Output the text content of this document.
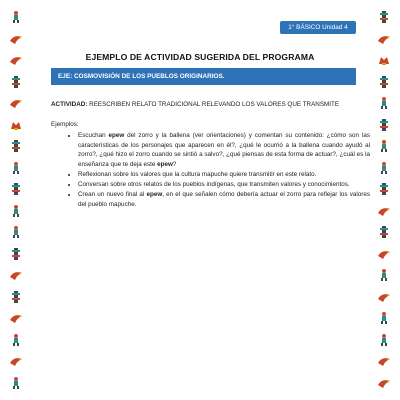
1° BÁSICO Unidad 4
EJEMPLO DE ACTIVIDAD SUGERIDA DEL PROGRAMA
EJE: COSMOVISIÓN DE LOS PUEBLOS ORIGINARIOS.
ACTIVIDAD: REESCRIBEN RELATO TRADICIONAL RELEVANDO LOS VALORES QUE TRANSMITE
Ejemplos:
• Escuchan epew del zorro y la ballena (ver orientaciones) y comentan su contenido: ¿cómo son las características de los personajes que aparecen en él?, ¿qué le ocurrió a la ballena cuando ayudó al zorro?, ¿qué hizo el zorro cuando se sintió a salvo?, ¿qué piensas de esta forma de actuar?, ¿cuál es la enseñanza que te deja este epew?
• Reflexionan sobre los valores que la cultura mapuche quiere transmitir en este relato.
• Conversan sobre otros relatos de los pueblos indígenas, que transmiten valores y conocimientos.
• Crean un nuevo final al epew, en el que señalen cómo debería actuar el zorro para reflejar los valores del pueblo mapuche.
